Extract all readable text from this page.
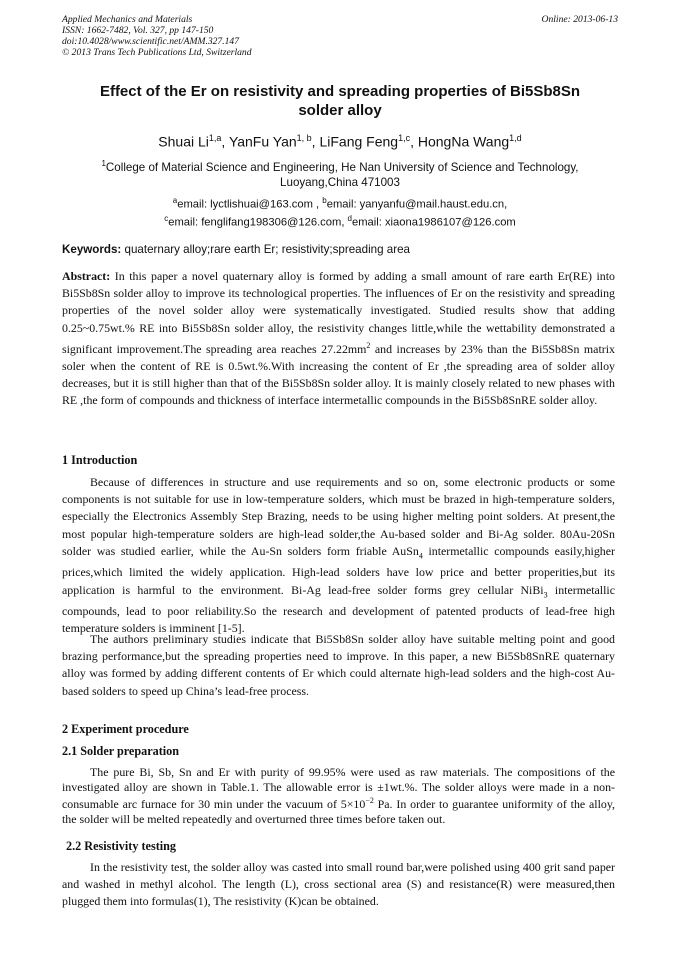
Applied Mechanics and Materials
ISSN: 1662-7482, Vol. 327, pp 147-150
doi:10.4028/www.scientific.net/AMM.327.147
© 2013 Trans Tech Publications Ltd, Switzerland
Online: 2013-06-13
Effect of the Er on resistivity and spreading properties of Bi5Sb8Sn
solder alloy
Shuai Li$^{1,a}$, YanFu Yan$^{1, b}$, LiFang Feng$^{1,c}$, HongNa Wang$^{1,d}$
$^1$College of Material Science and Engineering, He Nan University of Science and Technology,
Luoyang,China 471003
$^a$email: lyctlishuai@163.com , $^b$email: yanyanfu@mail.haust.edu.cn,
$^c$email: fenglifang198306@126.com, $^d$email: xiaona1986107@126.com
Keywords: quaternary alloy;rare earth Er; resistivity;spreading area
Abstract: In this paper a novel quaternary alloy is formed by adding a small amount of rare earth Er(RE) into Bi5Sb8Sn solder alloy to improve its technological properties. The influences of Er on the resistivity and spreading properties of the novel solder alloy were systematically investigated. Studied results show that adding 0.25~0.75wt.% RE into Bi5Sb8Sn solder alloy, the resistivity changes little,while the wettability demonstrated a significant improvement.The spreading area reaches $27.22mm^2$ and increases by 23% than the Bi5Sb8Sn matrix soler when the content of RE is 0.5wt.%.With increasing the content of Er ,the spreading area of solder alloy decreases, but it is still higher than that of the Bi5Sb8Sn solder alloy. It is mainly closely related to new phases with RE ,the form of compounds and thickness of interface intermetallic compounds in the Bi5Sb8SnRE solder alloy.
1 Introduction
Because of differences in structure and use requirements and so on, some electronic products or some components is not suitable for use in low-temperature solders, which must be brazed in high-temperature solders, especially the Electronics Assembly Step Brazing, needs to be using higher melting point solders. At present,the most popular high-temperature solders are high-lead solder,the Au-based solder and Bi-Ag solder. 80Au-20Sn solder was studied earlier, while the Au-Sn solders form friable AuSn$_4$ intermetallic compounds easily,higher prices,which limited the widely application. High-lead solders have low price and better properities,but its application is harmful to the environment. Bi-Ag lead-free solder forms grey cellular NiBi$_3$ intermetallic compounds, lead to poor reliability.So the research and development of patented products of lead-free high temperature solders is imminent [1-5].
The authors preliminary studies indicate that Bi5Sb8Sn solder alloy have suitable melting point and good brazing performance,but the spreading properties need to improve. In this paper, a new Bi5Sb8SnRE quaternary alloy was formed by adding different contents of Er which could alternate high-lead solders and the high-cost Au-based solders to speed up China’s lead-free process.
2 Experiment procedure
2.1 Solder preparation
The pure Bi, Sb, Sn and Er with purity of 99.95% were used as raw materials. The compositions of the investigated alloy are shown in Table.1. The allowable error is ±1wt.%. The solder alloys were made in a non-consumable arc furnace for 30 min under the vacuum of $5\times 10^{-2}$ Pa. In order to guarantee uniformity of the alloy, the solder will be melted repeatedly and overturned three times before taken out.
2.2 Resistivity testing
In the resistivity test, the solder alloy was casted into small round bar,were polished using 400 grit sand paper and washed in methyl alcohol. The length (L), cross sectional area (S) and resistance(R) were measured,then plugged them into formulas(1), The resistivity (K)can be obtained.
